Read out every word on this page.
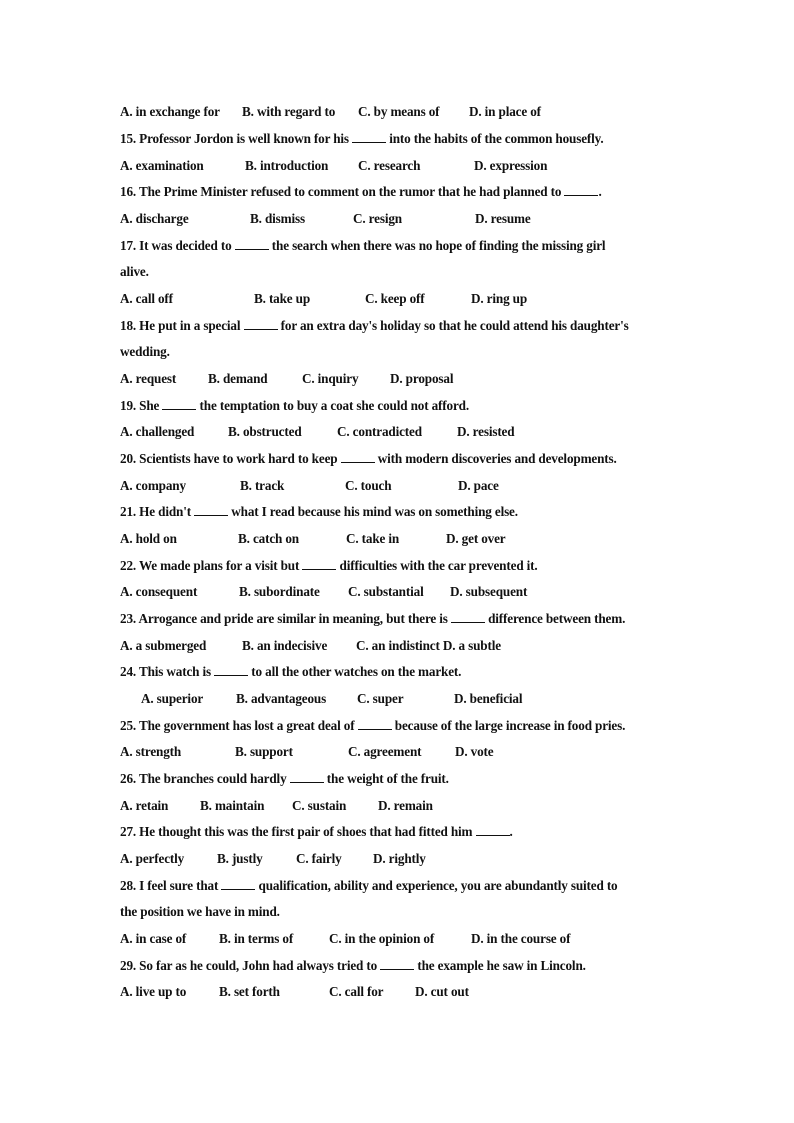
A. in exchange for B. with regard to C. by means of D. in place of
15. Professor Jordon is well known for his	into the habits of the common housefly.
A. examination	B. introduction C. research	D. expression
16. The Prime Minister refused to comment on the rumor that he had planned to	.
A. discharge	B. dismiss	C. resign	D. resume
17. It was decided to	the search when there was no hope of finding the missing girl
alive.
A. call off	B. take up	C. keep off	D. ring up
18. He put in a special	for an extra day's holiday so that he could attend his daughter's
wedding.
A. request B. demand	C. inquiry D. proposal
19. She	the temptation to buy a coat she could not afford.
A. challenged	B. obstructed	C. contradicted	D. resisted
20. Scientists have to work hard to keep	with modern discoveries and developments.
A. company	B. track	C. touch	D. pace
21. He didn't	what I read because his mind was on something else.
A. hold on	B. catch on	C. take in	D. get over
22. We made plans for a visit but	difficulties with the car prevented it.
A. consequent	B. subordinate C. substantial D. subsequent
23. Arrogance and pride are similar in meaning, but there is	difference between them.
A. a submerged	B. an indecisive C. an indistinct D. a subtle
24. This watch is	to all the other watches on the market.
A. superior B. advantageous C. super	D. beneficial
25. The government has lost a great deal of	because of the large increase in food pries.
A. strength	B. support	C. agreement	D. vote
26. The branches could hardly	the weight of the fruit.
A. retain B. maintain C. sustain D. remain
27. He thought this was the first pair of shoes that had fitted him	.
A. perfectly B. justly	C. fairly D. rightly
28. I feel sure that	qualification, ability and experience, you are abundantly suited to
the position we have in mind.
A. in case of B. in terms of	C. in the opinion of	D. in the course of
29. So far as he could, John had always tried to	the example he saw in Lincoln.
A. live up to B. set forth	C. call for D. cut out
